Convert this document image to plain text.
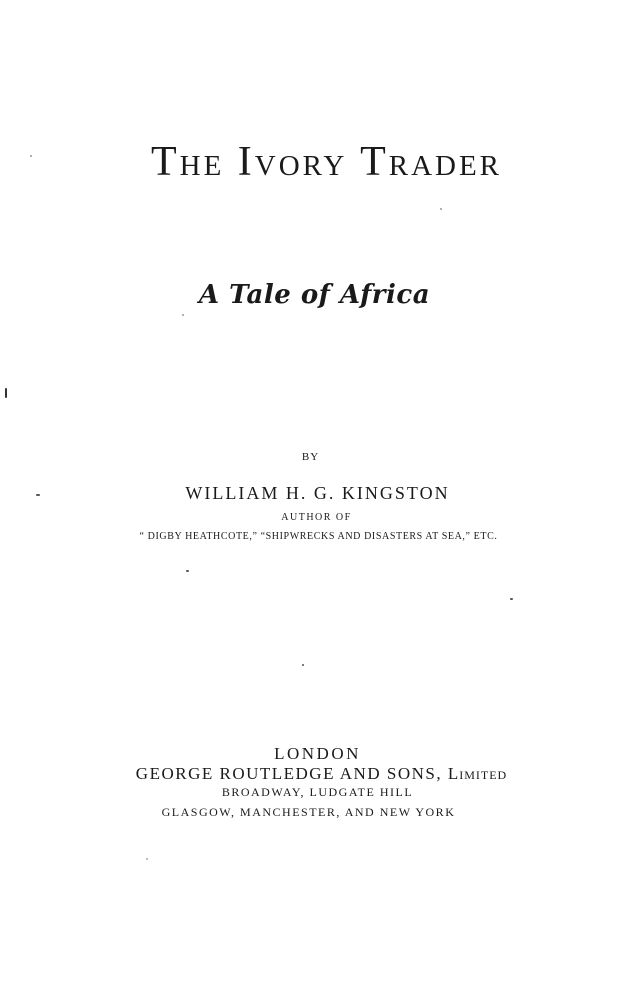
The Ivory Trader
A Tale of Africa
BY
WILLIAM H. G. KINGSTON
AUTHOR OF
“ DIGBY HEATHCOTE,” “SHIPWRECKS AND DISASTERS AT SEA,” ETC.
LONDON
GEORGE ROUTLEDGE AND SONS, Limited
BROADWAY, LUDGATE HILL
GLASGOW, MANCHESTER, AND NEW YORK
